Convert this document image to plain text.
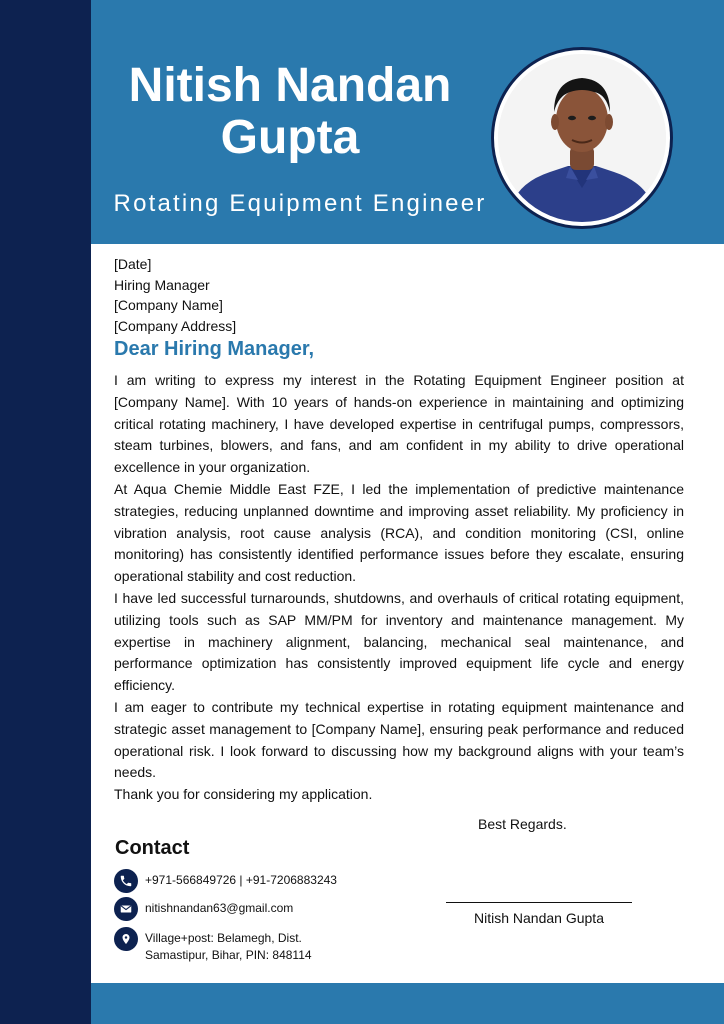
Nitish Nandan Gupta
Rotating Equipment Engineer
[Date]
Hiring Manager
[Company Name]
[Company Address]
Dear Hiring Manager,

I am writing to express my interest in the Rotating Equipment Engineer position at [Company Name]. With 10 years of hands-on experience in maintaining and optimizing critical rotating machinery, I have developed expertise in centrifugal pumps, compressors, steam turbines, blowers, and fans, and am confident in my ability to drive operational excellence in your organization.

At Aqua Chemie Middle East FZE, I led the implementation of predictive maintenance strategies, reducing unplanned downtime and improving asset reliability. My proficiency in vibration analysis, root cause analysis (RCA), and condition monitoring (CSI, online monitoring) has consistently identified performance issues before they escalate, ensuring operational stability and cost reduction.

I have led successful turnarounds, shutdowns, and overhauls of critical rotating equipment, utilizing tools such as SAP MM/PM for inventory and maintenance management. My expertise in machinery alignment, balancing, mechanical seal maintenance, and performance optimization has consistently improved equipment life cycle and energy efficiency.

I am eager to contribute my technical expertise in rotating equipment maintenance and strategic asset management to [Company Name], ensuring peak performance and reduced operational risk. I look forward to discussing how my background aligns with your team’s needs.

Thank you for considering my application.

Best Regards.
Nitish Nandan Gupta
Contact
+971-566849726 | +91-7206883243
nitishnandan63@gmail.com
Village+post: Belamegh, Dist.
Samastipur, Bihar, PIN: 848114
